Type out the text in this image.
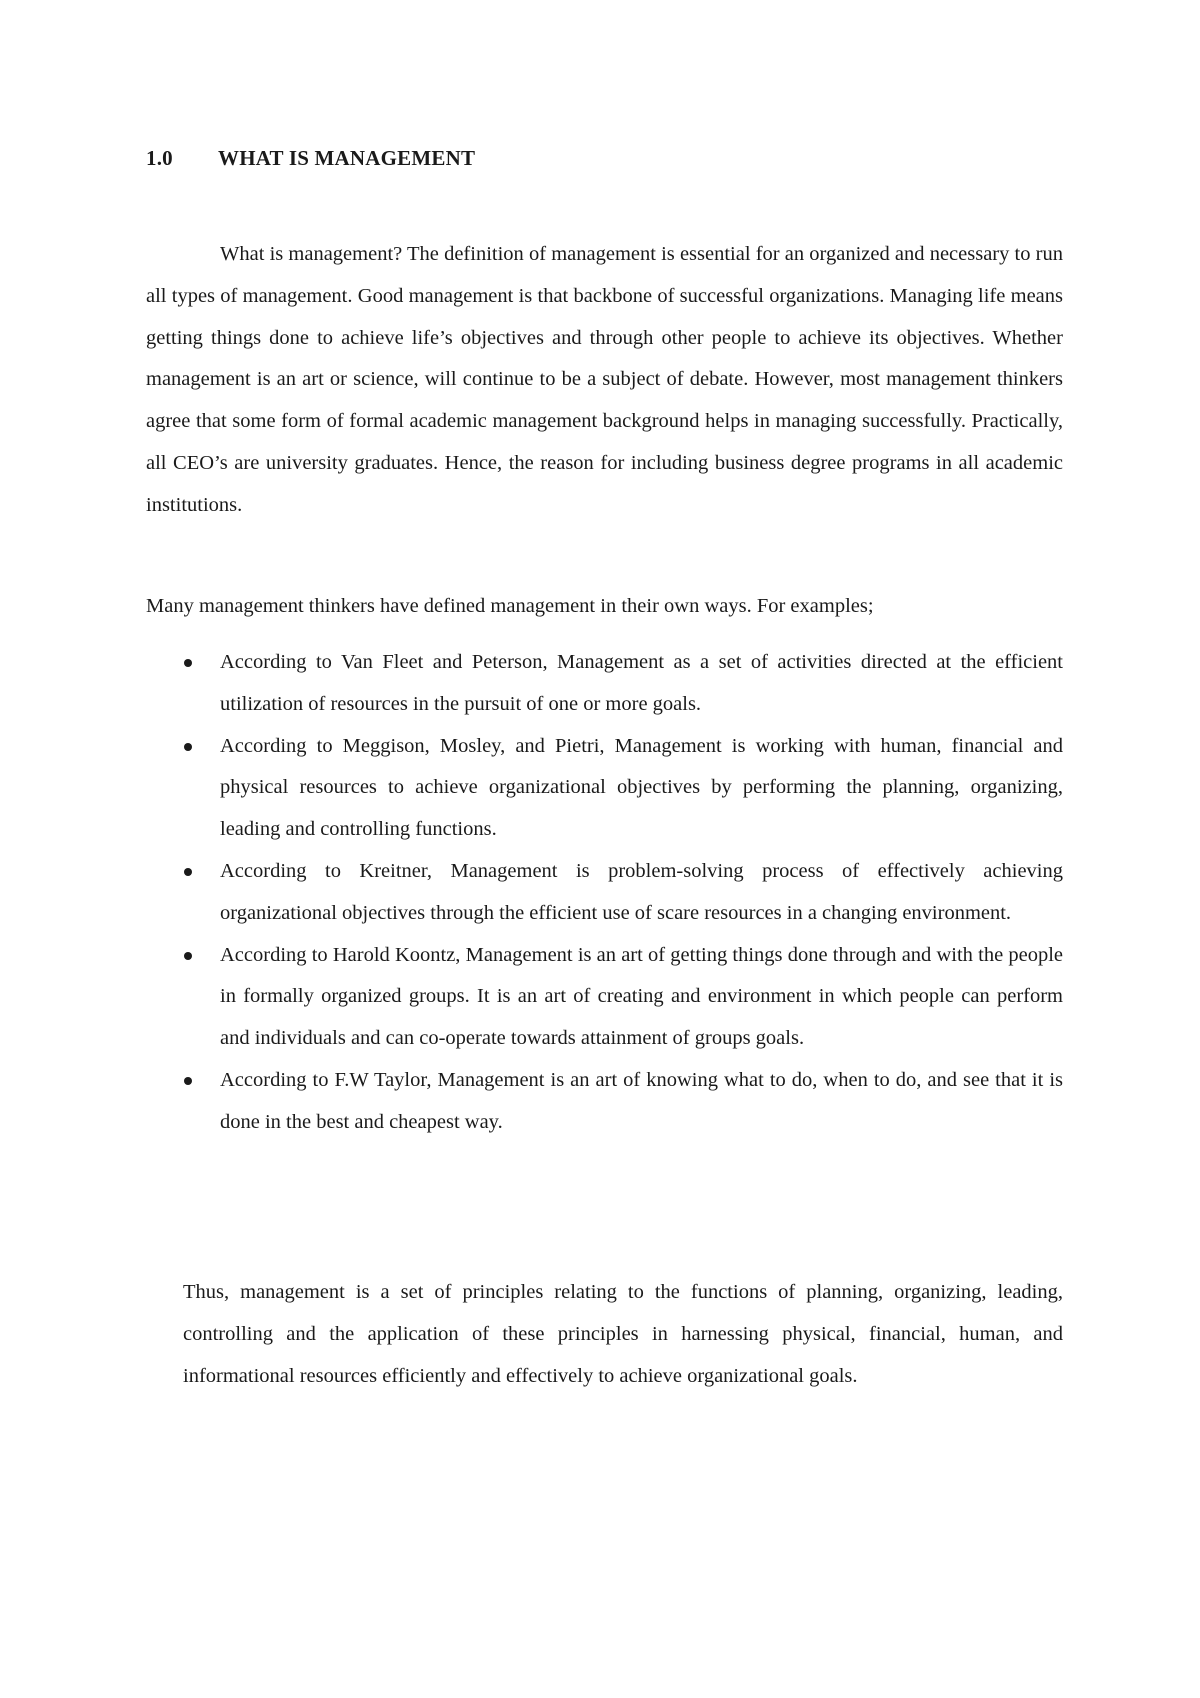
1.0	WHAT IS MANAGEMENT

What is management? The definition of management is essential for an organized and necessary to run all types of management. Good management is that backbone of successful organizations. Managing life means getting things done to achieve life’s objectives and through other people to achieve its objectives. Whether management is an art or science, will continue to be a subject of debate. However, most management thinkers agree that some form of formal academic management background helps in managing successfully. Practically, all CEO’s are university graduates. Hence, the reason for including business degree programs in all academic institutions.

Many management thinkers have defined management in their own ways. For examples;

According to Van Fleet and Peterson, Management as a set of activities directed at the efficient utilization of resources in the pursuit of one or more goals.
According to Meggison, Mosley, and Pietri, Management is working with human, financial and physical resources to achieve organizational objectives by performing the planning, organizing, leading and controlling functions.
According to Kreitner, Management is problem-solving process of effectively achieving organizational objectives through the efficient use of scare resources in a changing environment.
According to Harold Koontz, Management is an art of getting things done through and with the people in formally organized groups. It is an art of creating and environment in which people can perform and individuals and can co-operate towards attainment of groups goals.
According to F.W Taylor, Management is an art of knowing what to do, when to do, and see that it is done in the best and cheapest way.

Thus, management is a set of principles relating to the functions of planning, organizing, leading, controlling and the application of these principles in harnessing physical, financial, human, and informational resources efficiently and effectively to achieve organizational goals.
